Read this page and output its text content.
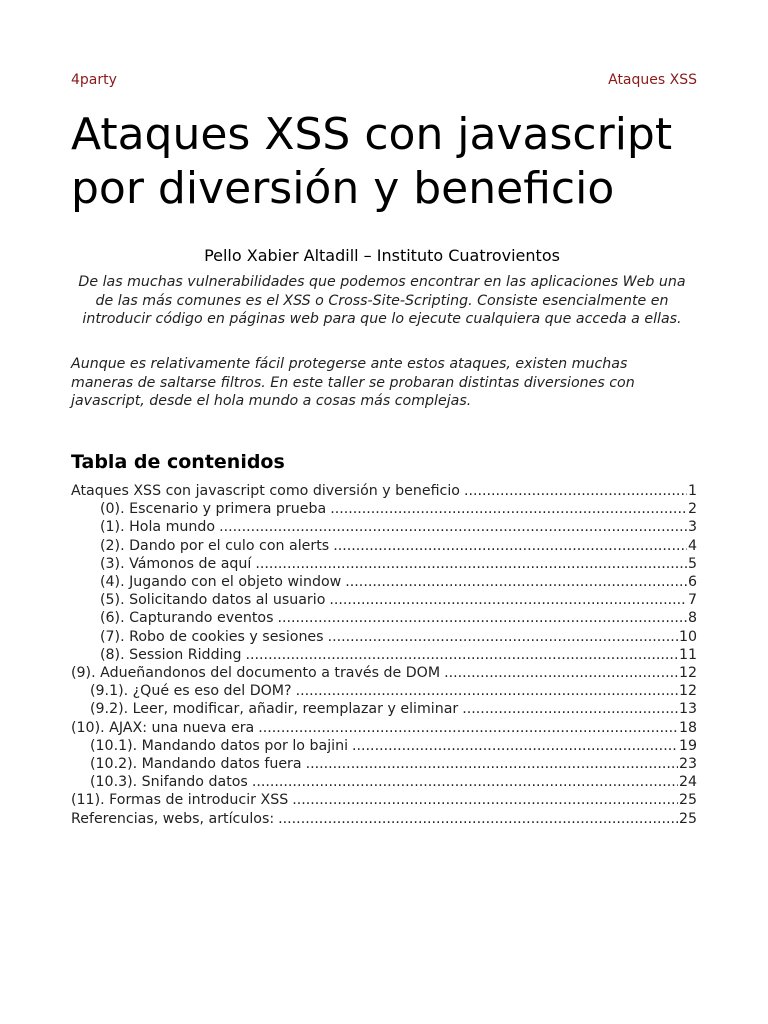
4party	Ataques XSS
Ataques XSS con javascript
por diversión y beneficio
Pello Xabier Altadill – Instituto Cuatrovientos
De las muchas vulnerabilidades que podemos encontrar en las aplicaciones Web una de las más comunes es el XSS o Cross-Site-Scripting. Consiste esencialmente en introducir código en páginas web para que lo ejecute cualquiera que acceda a ellas.
Aunque es relativamente fácil protegerse ante estos ataques, existen muchas maneras de saltarse filtros. En este taller se probaran distintas diversiones con javascript, desde el hola mundo a cosas más complejas.
Tabla de contenidos
Ataques XSS con javascript como diversión y beneficio .....	1
(0). Escenario y primera prueba .....	2
(1). Hola mundo .....	3
(2). Dando por el culo con alerts .....	4
(3). Vámonos de aquí .....	5
(4). Jugando con el objeto window .....	6
(5). Solicitando datos al usuario .....	7
(6). Capturando eventos .....	8
(7). Robo de cookies y sesiones .....	10
(8). Session Ridding .....	11
(9). Adueñandonos del documento a través de DOM .....	12
(9.1). ¿Qué es eso del DOM? .....	12
(9.2). Leer, modificar, añadir, reemplazar y eliminar .....	13
(10). AJAX: una nueva era .....	18
(10.1). Mandando datos por lo bajini .....	19
(10.2). Mandando datos fuera .....	23
(10.3). Snifando datos .....	24
(11). Formas de introducir XSS .....	25
Referencias, webs, artículos: .....	25
